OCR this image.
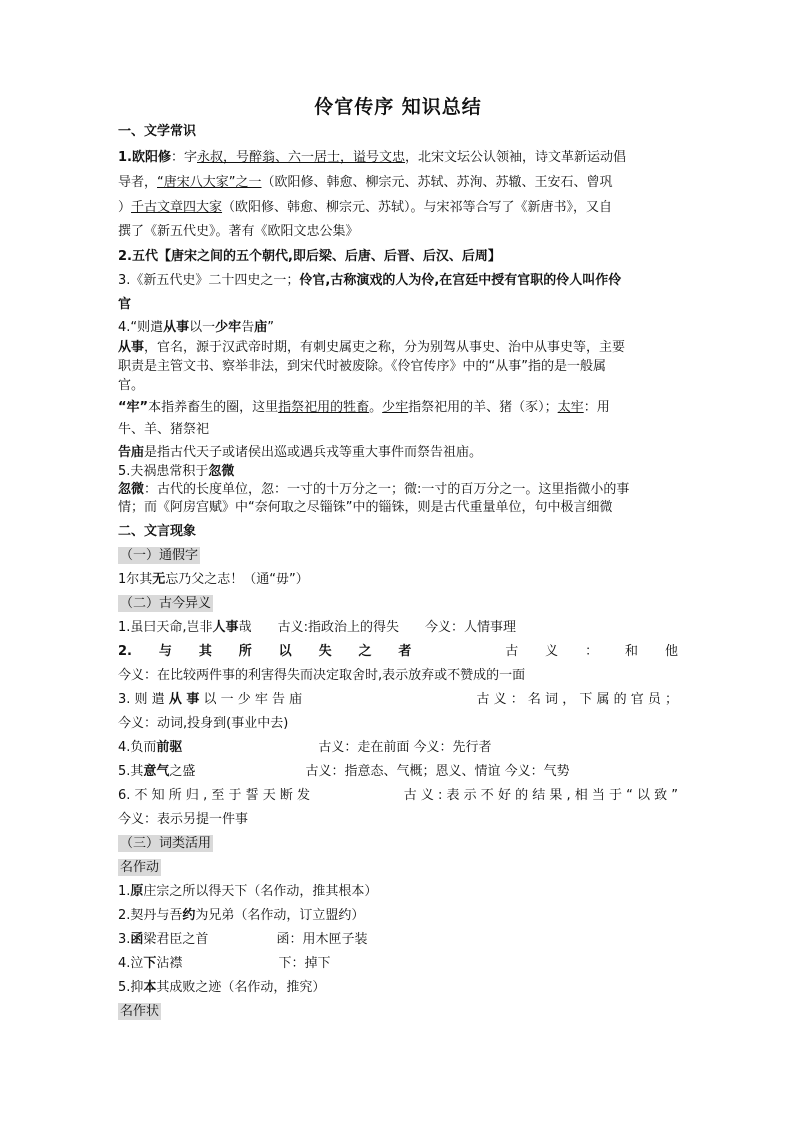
伶官传序 知识总结
一、文学常识
1.欧阳修：字永叔，号醉翁、六一居士，谥号文忠，北宋文坛公认领袖，诗文革新运动倡
导者，“唐宋八大家”之一（欧阳修、韩愈、柳宗元、苏轼、苏洵、苏辙、王安石、曾巩
）千古文章四大家（欧阳修、韩愈、柳宗元、苏轼）。与宋祁等合写了《新唐书》，又自
撰了《新五代史》。著有《欧阳文忠公集》
2.五代【唐宋之间的五个朝代,即后梁、后唐、后晋、后汉、后周】
3.《新五代史》二十四史之一；伶官,古称演戏的人为伶,在宫廷中授有官职的伶人叫作伶
官
4.“则遣从事以一少牢告庙”
从事，官名，源于汉武帝时期，有刺史属吏之称，分为别驾从事史、治中从事史等，主要
职责是主管文书、察举非法，到宋代时被废除。《伶官传序》中的“从事”指的是一般属
官。
“牢”本指养畜生的圈，这里指祭祀用的牲畜。少牢指祭祀用的羊、猪（豕）；太牢：用
牛、羊、猪祭祀
告庙是指古代天子或诸侯出巡或遇兵戎等重大事件而祭告祖庙。
5.夫祸患常积于忽微
忽微：古代的长度单位，忽：一寸的十万分之一；微:一寸的百万分之一。这里指微小的事
情；而《阿房宫赋》中“奈何取之尽锱铢”中的锱铢，则是古代重量单位，句中极言细微
二、文言现象
（一）通假字
1尔其无忘乃父之志！（通“毋”）
（二）古今异义
1.虽曰天命,岂非人事哉 古义:指政治上的得失 今义：人情事理
2. 与 其 所 以 失 之 者	古 义 ： 和 他
今义：在比较两件事的利害得失而决定取舍时,表示放弃或不赞成的一面
3. 则 遣 从 事 以 一 少 牢 告 庙	古 义 ： 名 词 ， 下 属 的 官 员 ；
今义：动词,投身到(事业中去)
4.负而前驱	古义：走在前面 今义：先行者
5.其意气之盛	古义：指意态、气概；恩义、情谊 今义：气势
6. 不 知 所 归 , 至 于 誓 天 断 发	古 义 : 表 示 不 好 的 结 果 , 相 当 于 “ 以 致 ”
今义：表示另提一件事
（三）词类活用
名作动
1.原庄宗之所以得天下（名作动，推其根本）
2.契丹与吾约为兄弟（名作动，订立盟约）
3.函梁君臣之首	函：用木匣子装
4.泣下沾襟	下：掉下
5.抑本其成败之迹（名作动，推究）
名作状
